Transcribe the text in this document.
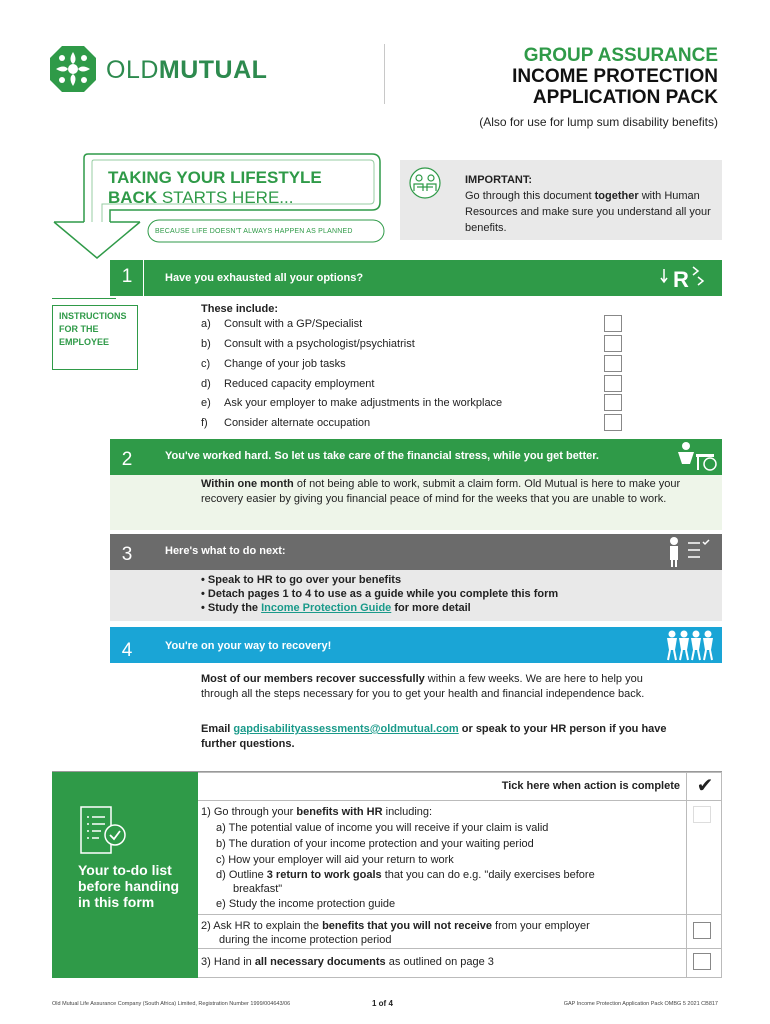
OLDMUTUAL
GROUP ASSURANCE
INCOME PROTECTION
APPLICATION PACK
(Also for use for lump sum disability benefits)
TAKING YOUR LIFESTYLE
BACK STARTS HERE...
BECAUSE LIFE DOESN'T ALWAYS HAPPEN AS PLANNED
IMPORTANT:
Go through this document together with Human Resources and make sure you understand all your benefits.
INSTRUCTIONS FOR THE EMPLOYEE
1	Have you exhausted all your options?	R
These include:
a) Consult with a GP/Specialist
b) Consult with a psychologist/psychiatrist
c) Change of your job tasks
d) Reduced capacity employment
e) Ask your employer to make adjustments in the workplace
f) Consider alternate occupation
2	You've worked hard. So let us take care of the financial stress, while you get better.
Within one month of not being able to work, submit a claim form. Old Mutual is here to make your recovery easier by giving you financial peace of mind for the weeks that you are unable to work.
3	Here's what to do next:
• Speak to HR to go over your benefits
• Detach pages 1 to 4 to use as a guide while you complete this form
• Study the Income Protection Guide for more detail
4	You're on your way to recovery!
Most of our members recover successfully within a few weeks. We are here to help you through all the steps necessary for you to get your health and financial independence back.
Email gapdisabilityassessments@oldmutual.com or speak to your HR person if you have further questions.
Your to-do list before handing in this form
Tick here when action is complete ✔
1) Go through your benefits with HR including:
a) The potential value of income you will receive if your claim is valid
b) The duration of your income protection and your waiting period
c) How your employer will aid your return to work
d) Outline 3 return to work goals that you can do e.g. "daily exercises before
breakfast"
e) Study the income protection guide
2) Ask HR to explain the benefits that you will not receive from your employer
during the income protection period
3) Hand in all necessary documents as outlined on page 3
Old Mutual Life Assurance Company (South Africa) Limited, Registration Number 1999/004643/06	1 of 4	GAP Income Protection Application Pack OMBG 5 2021 CB817
